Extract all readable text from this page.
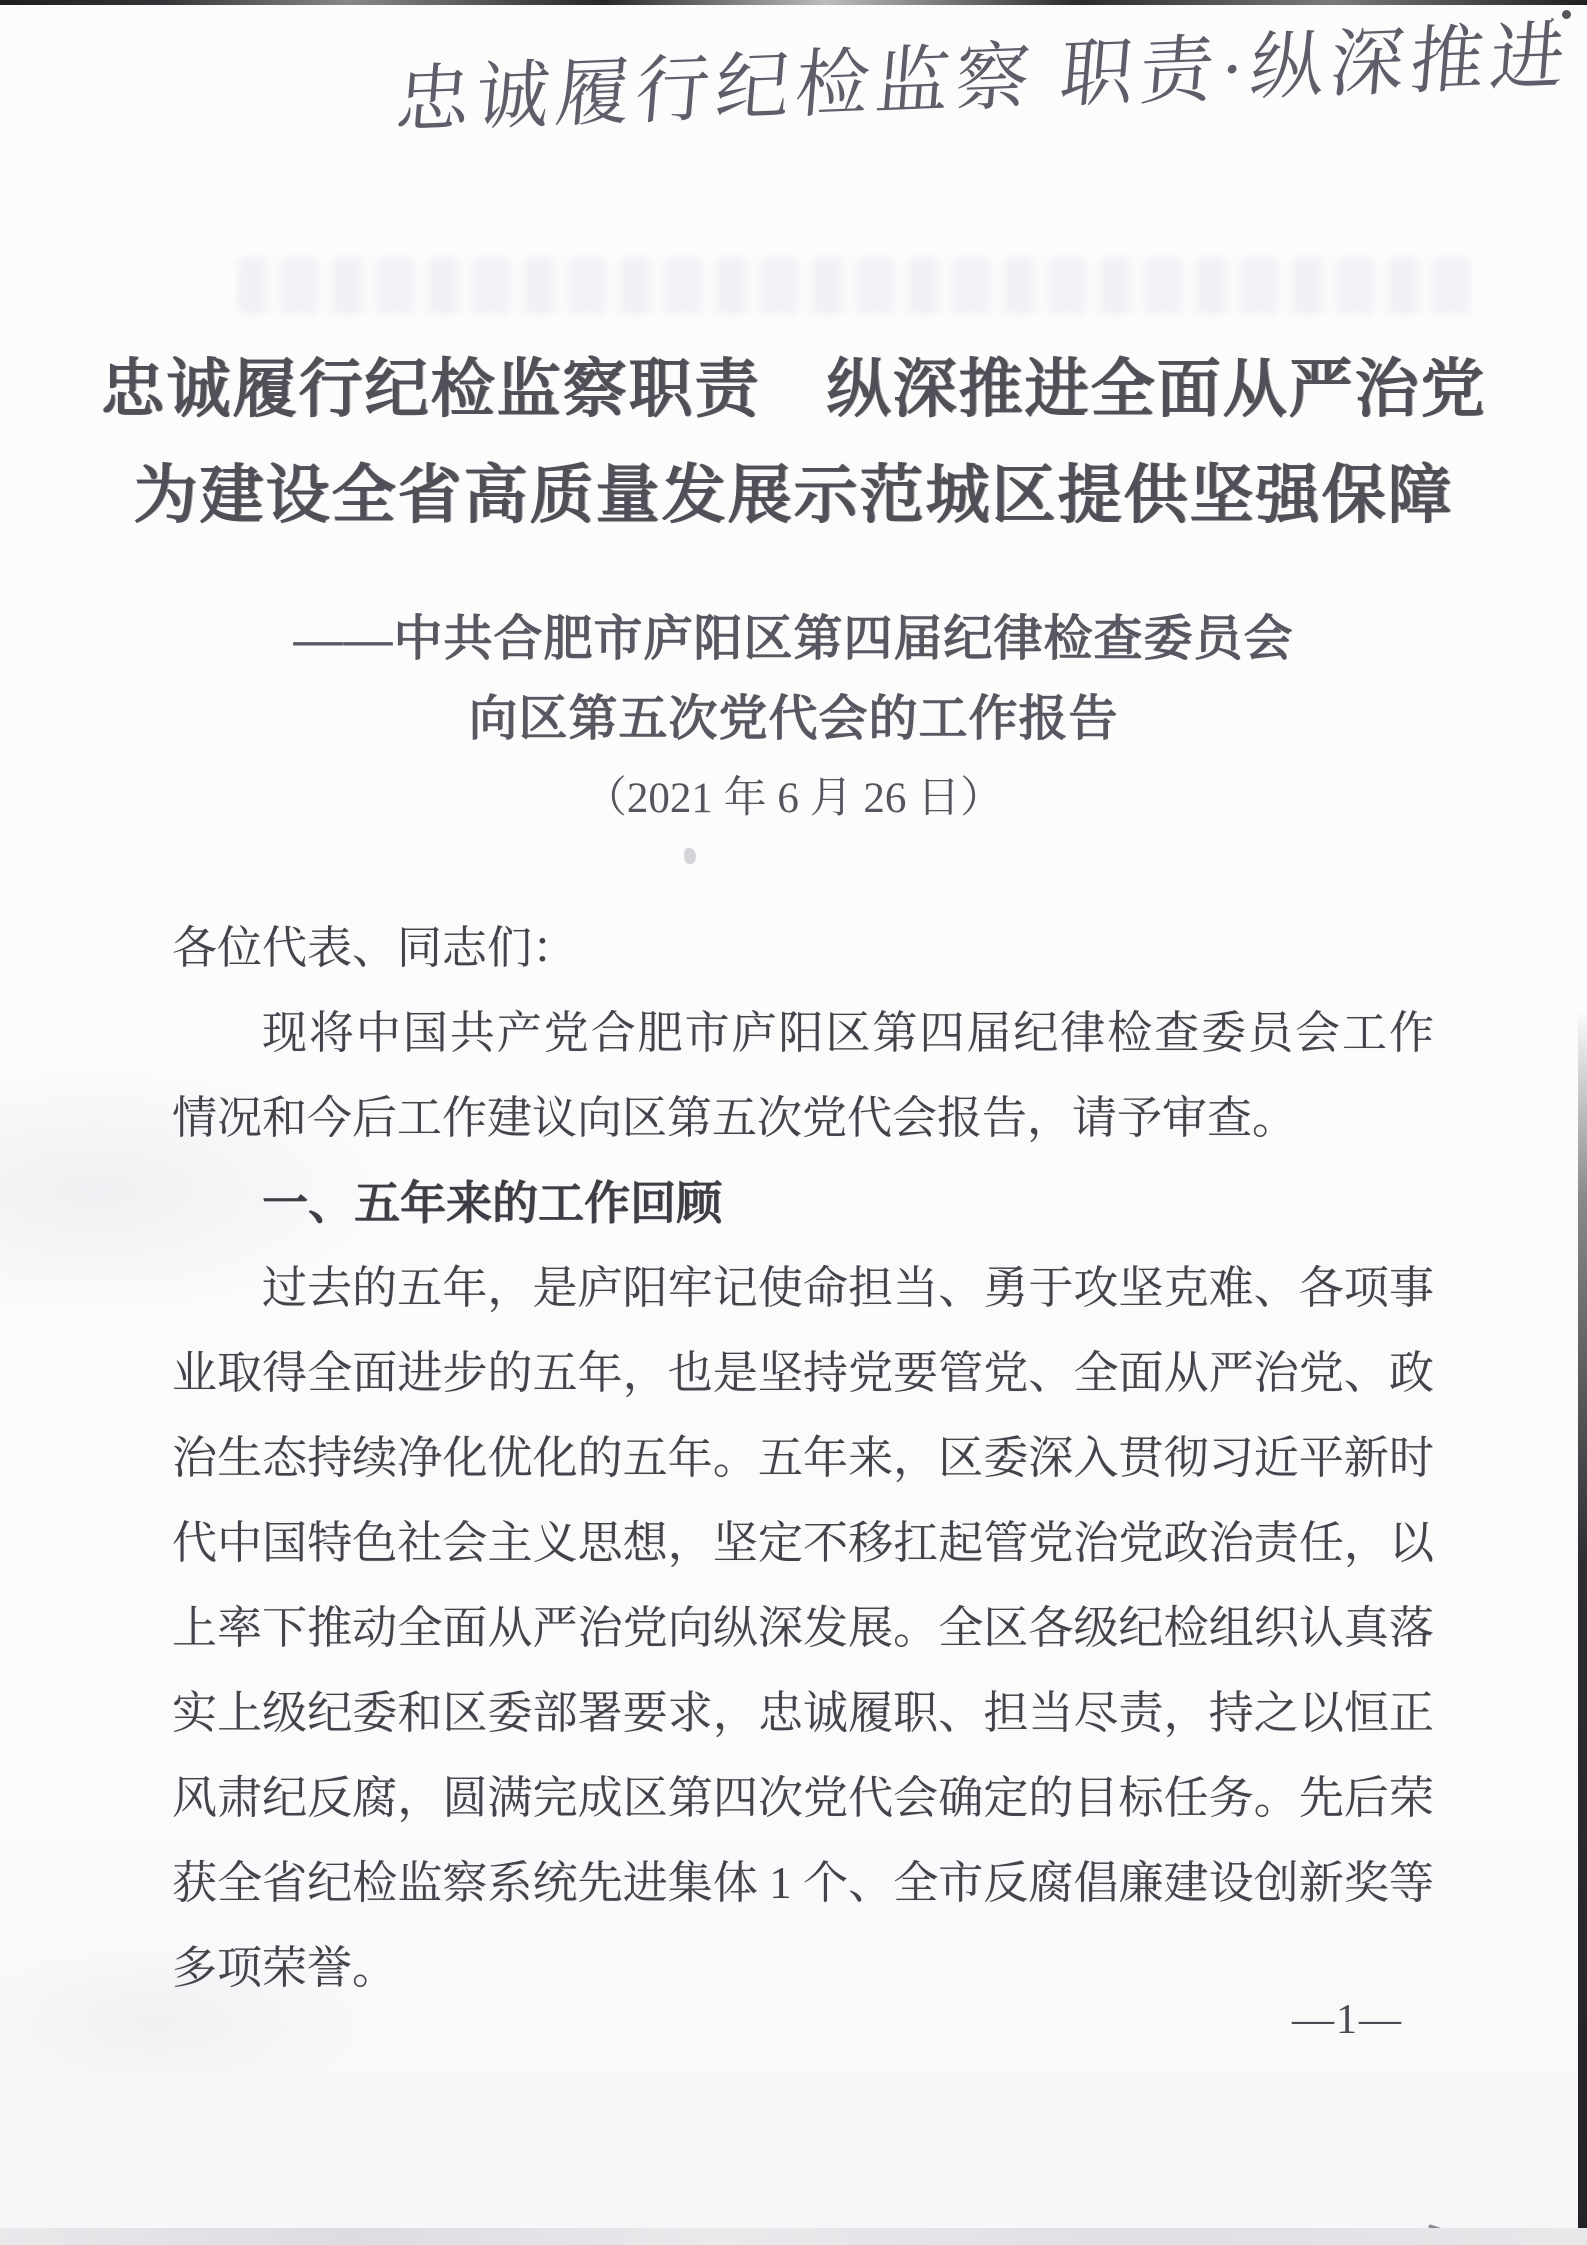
忠诚履行纪检监察 职责·纵深推进
忠诚履行纪检监察职责　纵深推进全面从严治党
为建设全省高质量发展示范城区提供坚强保障
——中共合肥市庐阳区第四届纪律检查委员会
向区第五次党代会的工作报告
（2021 年 6 月 26 日）
各位代表、同志们：
现将中国共产党合肥市庐阳区第四届纪律检查委员会工作
情况和今后工作建议向区第五次党代会报告，请予审查。
一、五年来的工作回顾
过去的五年，是庐阳牢记使命担当、勇于攻坚克难、各项事
业取得全面进步的五年，也是坚持党要管党、全面从严治党、政
治生态持续净化优化的五年。五年来，区委深入贯彻习近平新时
代中国特色社会主义思想，坚定不移扛起管党治党政治责任，以
上率下推动全面从严治党向纵深发展。全区各级纪检组织认真落
实上级纪委和区委部署要求，忠诚履职、担当尽责，持之以恒正
风肃纪反腐，圆满完成区第四次党代会确定的目标任务。先后荣
获全省纪检监察系统先进集体 1 个、全市反腐倡廉建设创新奖等
多项荣誉。
—1—
